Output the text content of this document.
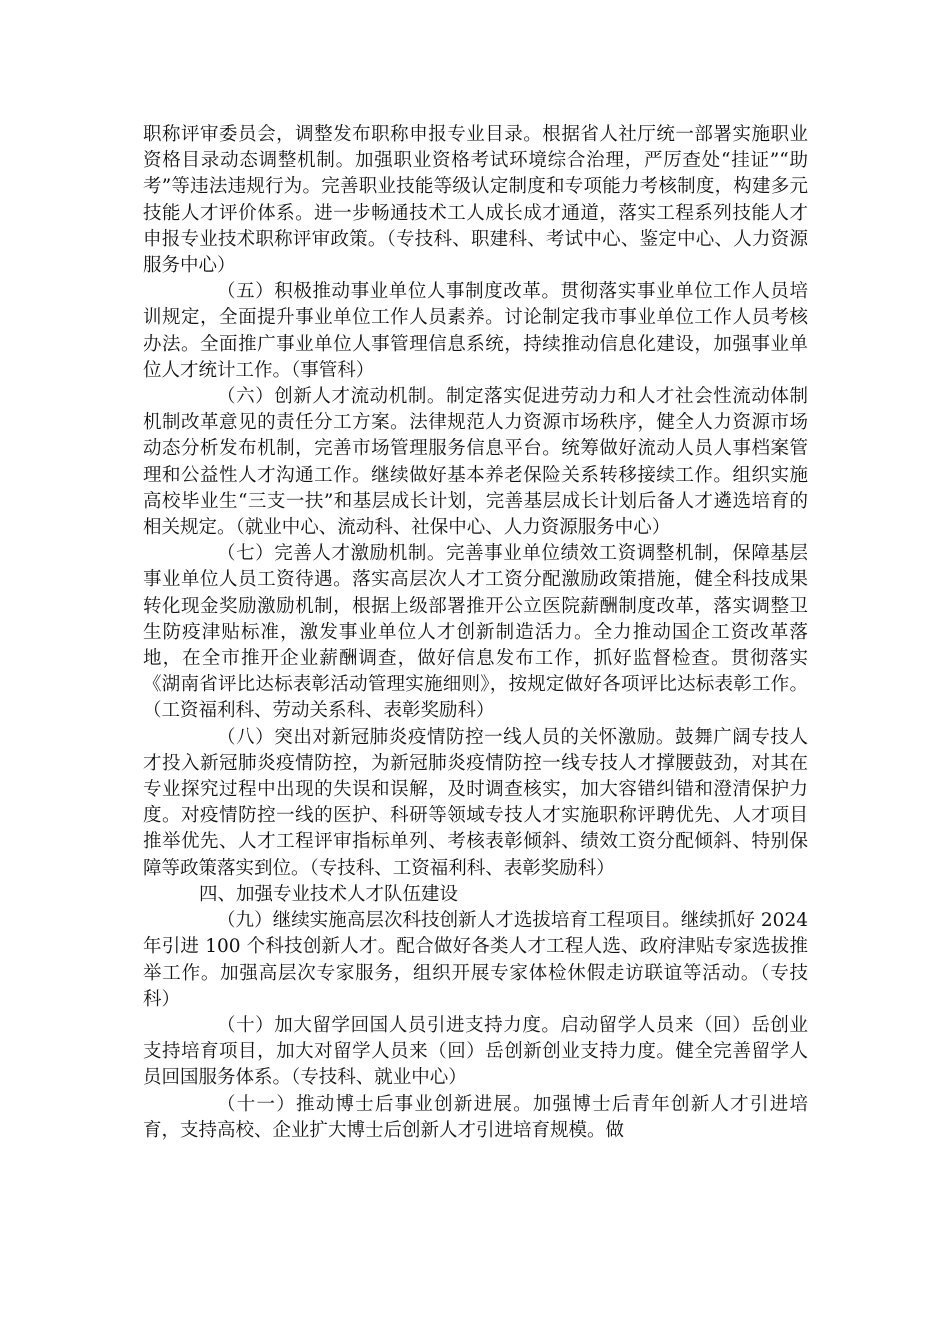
职称评审委员会，调整发布职称申报专业目录。根据省人社厅统一部署实施职业资格目录动态调整机制。加强职业资格考试环境综合治理，严厉查处“挂证”“助考”等违法违规行为。完善职业技能等级认定制度和专项能力考核制度，构建多元技能人才评价体系。进一步畅通技术工人成长成才通道，落实工程系列技能人才申报专业技术职称评审政策。（专技科、职建科、考试中心、鉴定中心、人力资源服务中心）

（五）积极推动事业单位人事制度改革。贯彻落实事业单位工作人员培训规定，全面提升事业单位工作人员素养。讨论制定我市事业单位工作人员考核办法。全面推广事业单位人事管理信息系统，持续推动信息化建设，加强事业单位人才统计工作。（事管科）

（六）创新人才流动机制。制定落实促进劳动力和人才社会性流动体制机制改革意见的责任分工方案。法律规范人力资源市场秩序，健全人力资源市场动态分析发布机制，完善市场管理服务信息平台。统筹做好流动人员人事档案管理和公益性人才沟通工作。继续做好基本养老保险关系转移接续工作。组织实施高校毕业生“三支一扶”和基层成长计划，完善基层成长计划后备人才遴选培育的相关规定。（就业中心、流动科、社保中心、人力资源服务中心）

（七）完善人才激励机制。完善事业单位绩效工资调整机制，保障基层事业单位人员工资待遇。落实高层次人才工资分配激励政策措施，健全科技成果转化现金奖励激励机制，根据上级部署推开公立医院薪酬制度改革，落实调整卫生防疫津贴标准，激发事业单位人才创新制造活力。全力推动国企工资改革落地，在全市推开企业薪酬调查，做好信息发布工作，抓好监督检查。贯彻落实《湖南省评比达标表彰活动管理实施细则》，按规定做好各项评比达标表彰工作。（工资福利科、劳动关系科、表彰奖励科）

（八）突出对新冠肺炎疫情防控一线人员的关怀激励。鼓舞广阔专技人才投入新冠肺炎疫情防控，为新冠肺炎疫情防控一线专技人才撑腰鼓劲，对其在专业探究过程中出现的失误和误解，及时调查核实，加大容错纠错和澄清保护力度。对疫情防控一线的医护、科研等领域专技人才实施职称评聘优先、人才项目推举优先、人才工程评审指标单列、考核表彰倾斜、绩效工资分配倾斜、特别保障等政策落实到位。（专技科、工资福利科、表彰奖励科）

四、加强专业技术人才队伍建设

（九）继续实施高层次科技创新人才选拔培育工程项目。继续抓好 2024 年引进 100 个科技创新人才。配合做好各类人才工程人选、政府津贴专家选拔推举工作。加强高层次专家服务，组织开展专家体检休假走访联谊等活动。（专技科）

（十）加大留学回国人员引进支持力度。启动留学人员来（回）岳创业支持培育项目，加大对留学人员来（回）岳创新创业支持力度。健全完善留学人员回国服务体系。（专技科、就业中心）

（十一）推动博士后事业创新进展。加强博士后青年创新人才引进培育，支持高校、企业扩大博士后创新人才引进培育规模。做
